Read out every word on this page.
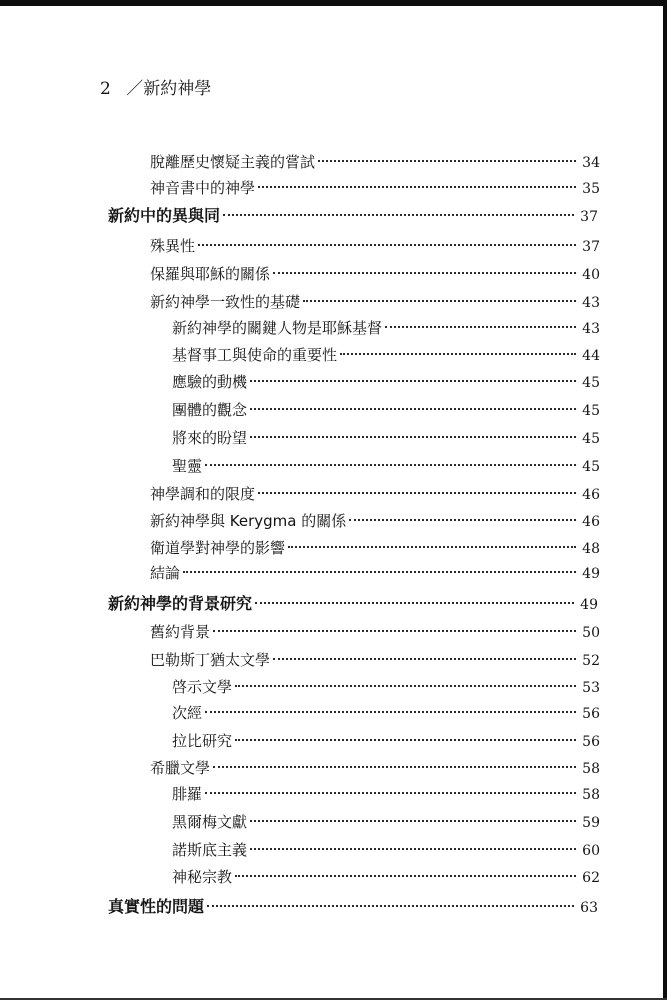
2 ／新約神學
脫離歷史懷疑主義的嘗試	34
神音書中的神學	35
新約中的異與同	37
殊異性	37
保羅與耶穌的關係	40
新約神學一致性的基礎	43
新約神學的關鍵人物是耶穌基督	43
基督事工與使命的重要性	44
應驗的動機	45
團體的觀念	45
將來的盼望	45
聖靈	45
神學調和的限度	46
新約神學與 Kerygma 的關係	46
衛道學對神學的影響	48
結論	49
新約神學的背景研究	49
舊約背景	50
巴勒斯丁猶太文學	52
啓示文學	53
次經	56
拉比研究	56
希臘文學	58
腓羅	58
黑爾梅文獻	59
諾斯底主義	60
神秘宗教	62
真實性的問題	63
